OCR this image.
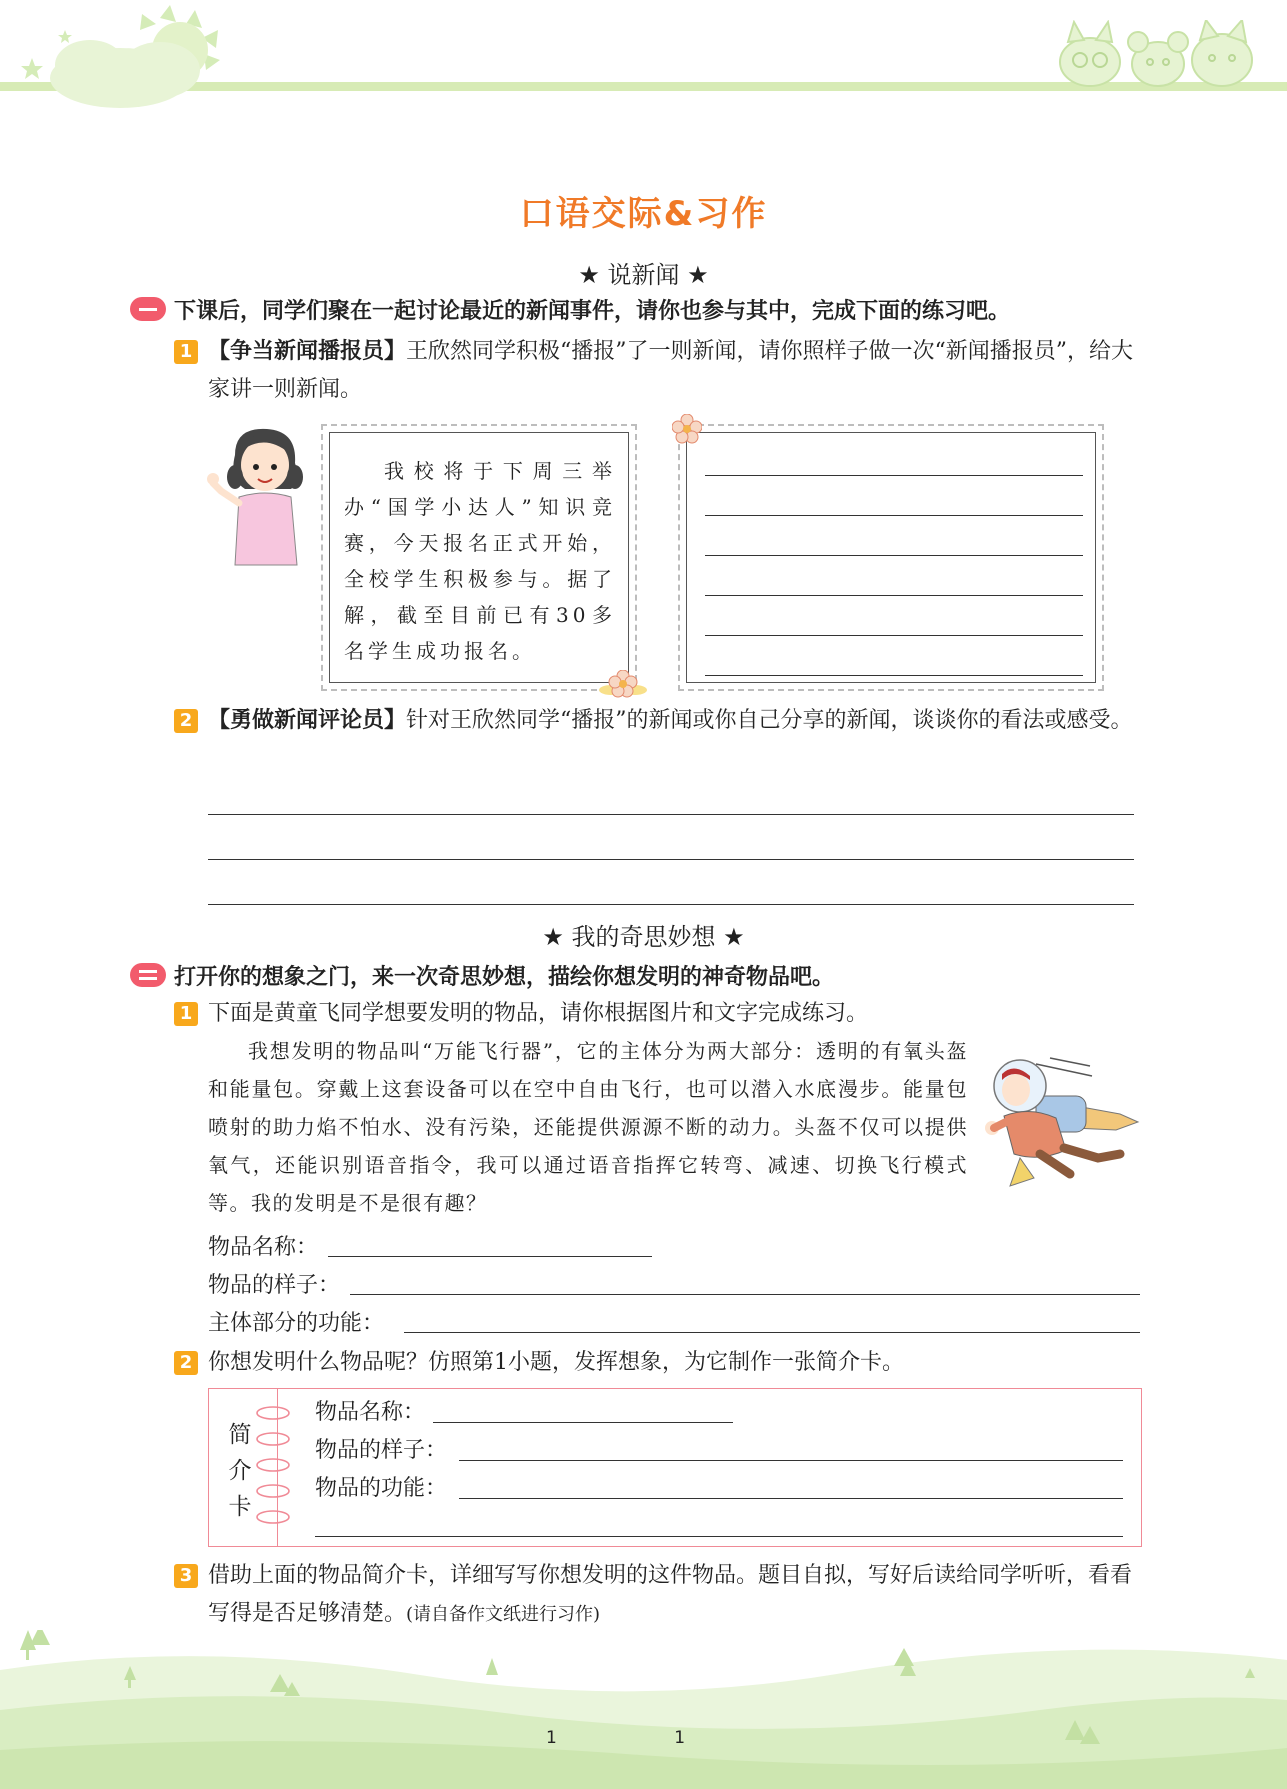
口语交际&习作
★ 说新闻 ★
下课后，同学们聚在一起讨论最近的新闻事件，请你也参与其中，完成下面的练习吧。
1 【争当新闻播报员】王欣然同学积极“播报”了一则新闻，请你照样子做一次“新闻播报员”，给大家讲一则新闻。
我校将于下周三举办“国学小达人”知识竞赛，今天报名正式开始，全校学生积极参与。据了解，截至目前已有30多名学生成功报名。
2 【勇做新闻评论员】针对王欣然同学“播报”的新闻或你自己分享的新闻，谈谈你的看法或感受。
★ 我的奇思妙想 ★
打开你的想象之门，来一次奇思妙想，描绘你想发明的神奇物品吧。
1 下面是黄童飞同学想要发明的物品，请你根据图片和文字完成练习。
我想发明的物品叫“万能飞行器”，它的主体分为两大部分：透明的有氧头盔和能量包。穿戴上这套设备可以在空中自由飞行，也可以潜入水底漫步。能量包喷射的助力焰不怕水、没有污染，还能提供源源不断的动力。头盔不仅可以提供氧气，还能识别语音指令，我可以通过语音指挥它转弯、减速、切换飞行模式等。我的发明是不是很有趣？
物品名称：
物品的样子：
主体部分的功能：
2 你想发明什么物品呢？仿照第1小题，发挥想象，为它制作一张简介卡。
简介卡
物品名称：
物品的样子：
物品的功能：
3 借助上面的物品简介卡，详细写写你想发明的这件物品。题目自拟，写好后读给同学听听，看看写得是否足够清楚。(请自备作文纸进行习作)
1 1
